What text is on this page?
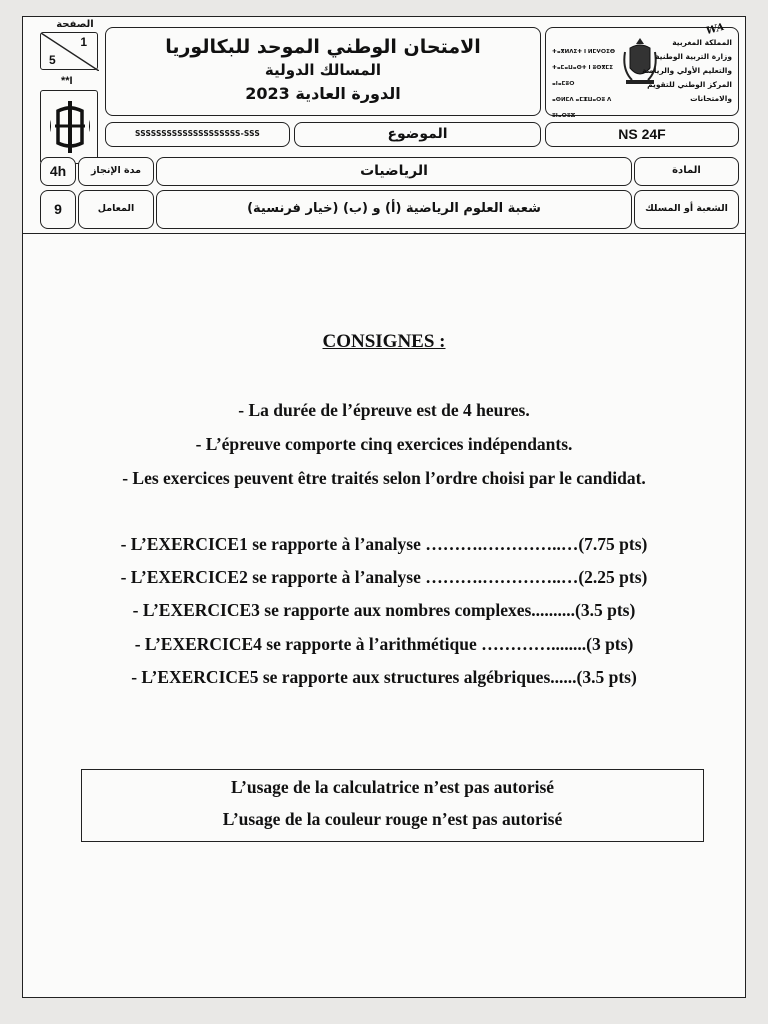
الصفحة
1
5
**I
الامتحان الوطني الموحد للبكالوريا
المسالك الدولية
الدورة العادية 2023
ⵜⴰⴳⵍⴷⵉⵜ ⵏ ⵍⵎⵖⵔⵉⴱ
ⵜⴰⵎⴰⵡⴰⵙⵜ ⵏ ⵓⵙⴳⵎⵉ ⴰⵏⴰⵎⵓⵔ
ⴰⵙⵍⵎⴷ ⴰⵎⵣⵡⴰⵔⵓ ⴷ ⵓⵏⴰⵔⵓⵣ
المملكة المغربية
وزارة التربية الوطنية
والتعليم الأولي والرياضة
المركز الوطني للتقويم والامتحانات
WA
SSSSSSSSSSSSSSSSSSSS-SSS	الموضوع	NS 24F
4h	مدة الإنجاز	الرياضيات	المادة
9	المعامل	شعبة العلوم الرياضية (أ) و (ب) (خيار فرنسية)	الشعبة أو المسلك
CONSIGNES :
- La durée de l’épreuve est de 4 heures.
- L’épreuve comporte cinq exercices indépendants.
- Les exercices peuvent être traités selon l’ordre choisi par le candidat.
- L’EXERCICE1 se rapporte à l’analyse ……….…………..…(7.75 pts)
- L’EXERCICE2 se rapporte à l’analyse ……….…………..…(2.25 pts)
- L’EXERCICE3 se rapporte aux nombres complexes..........(3.5 pts)
- L’EXERCICE4 se rapporte à l’arithmétique …………........(3 pts)
- L’EXERCICE5 se rapporte aux structures algébriques......(3.5 pts)
L’usage de la calculatrice n’est pas autorisé
L’usage de la couleur rouge n’est pas autorisé
